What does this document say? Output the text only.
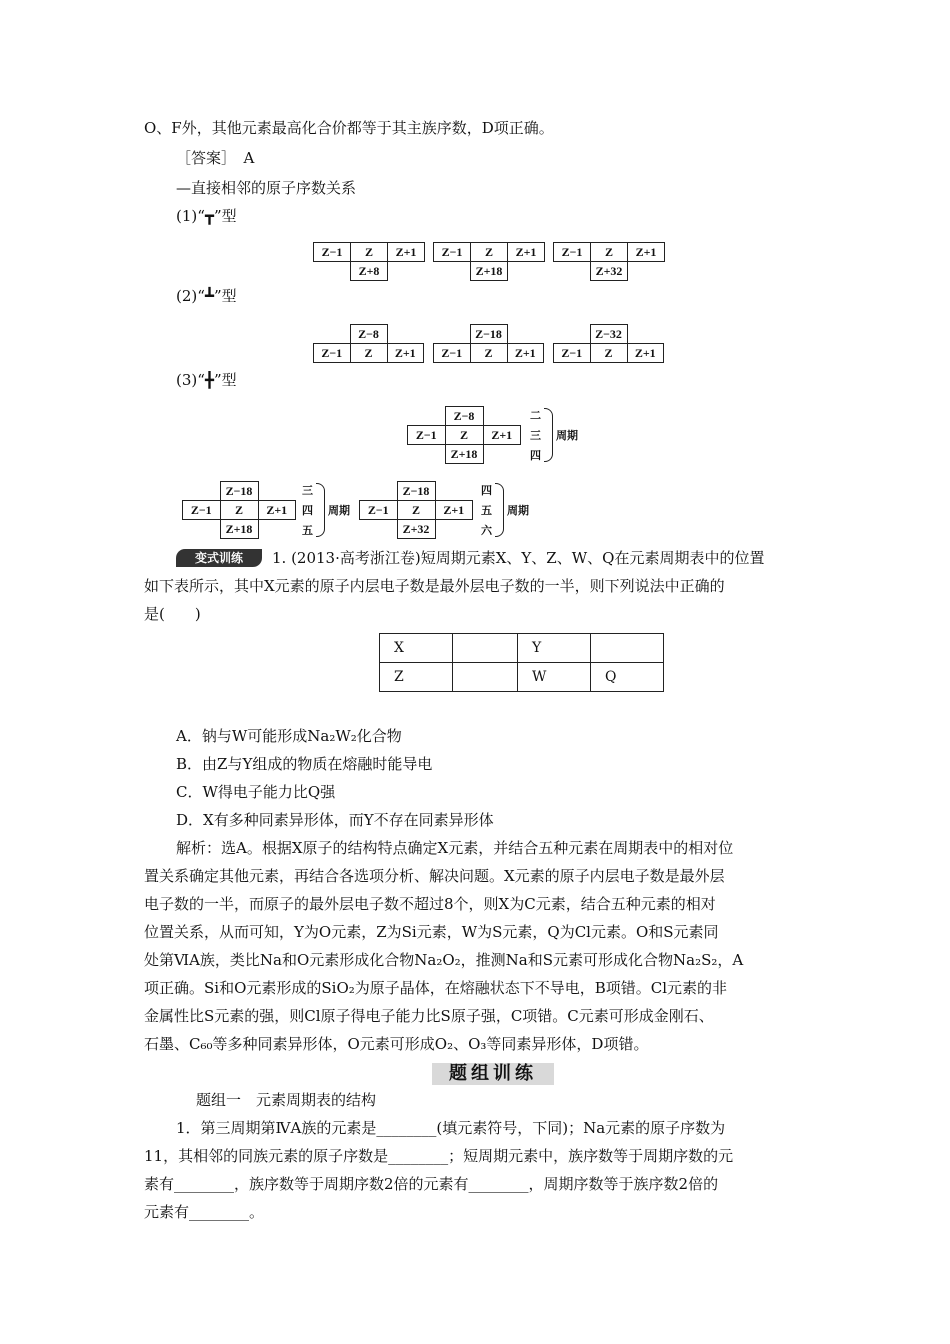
O、F外，其他元素最高化合价都等于其主族序数，D项正确。
［答案］　A
—直接相邻的原子序数关系
(1)“┳”型
Z−1	Z	Z+1
	Z+8	
Z−1	Z	Z+1
	Z+18	
Z−1	Z	Z+1
	Z+32	
(2)“┻”型
	Z−8	
Z−1	Z	Z+1
	Z−18	
Z−1	Z	Z+1
	Z−32	
Z−1	Z	Z+1
(3)“╋”型
	Z−8	
Z−1	Z	Z+1
	Z+18	
二
三
四
周期
	Z−18	
Z−1	Z	Z+1
	Z+18	
三
四
五
周期
	Z−18	
Z−1	Z	Z+1
	Z+32	
四
五
六
周期
变式训练	1. (2013·高考浙江卷)短周期元素X、Y、Z、W、Q在元素周期表中的位置
如下表所示，其中X元素的原子内层电子数是最外层电子数的一半，则下列说法中正确的
是(　　)
X		Y	
Z		W	Q
A．钠与W可能形成Na₂W₂化合物
B．由Z与Y组成的物质在熔融时能导电
C．W得电子能力比Q强
D．X有多种同素异形体，而Y不存在同素异形体
解析：选A。根据X原子的结构特点确定X元素，并结合五种元素在周期表中的相对位
置关系确定其他元素，再结合各选项分析、解决问题。X元素的原子内层电子数是最外层
电子数的一半，而原子的最外层电子数不超过8个，则X为C元素，结合五种元素的相对
位置关系，从而可知，Y为O元素，Z为Si元素，W为S元素，Q为Cl元素。O和S元素同
处第ⅥA族，类比Na和O元素形成化合物Na₂O₂，推测Na和S元素可形成化合物Na₂S₂，A
项正确。Si和O元素形成的SiO₂为原子晶体，在熔融状态下不导电，B项错。Cl元素的非
金属性比S元素的强，则Cl原子得电子能力比S原子强，C项错。C元素可形成金刚石、
石墨、C₆₀等多种同素异形体，O元素可形成O₂、O₃等同素异形体，D项错。
题组训练
题组一　元素周期表的结构
1．第三周期第ⅣA族的元素是________(填元素符号，下同)；Na元素的原子序数为
11，其相邻的同族元素的原子序数是________；短周期元素中，族序数等于周期序数的元
素有________，族序数等于周期序数2倍的元素有________，周期序数等于族序数2倍的
元素有________。
